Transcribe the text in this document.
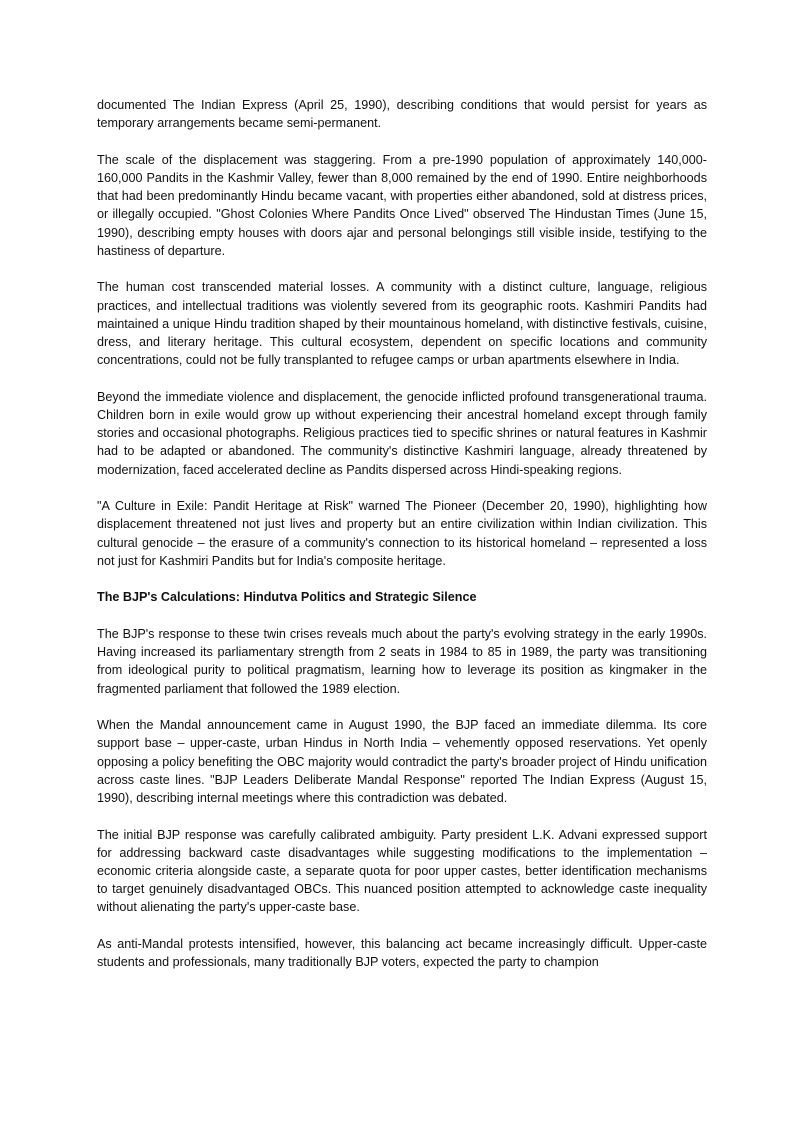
documented The Indian Express (April 25, 1990), describing conditions that would persist for years as temporary arrangements became semi-permanent.

The scale of the displacement was staggering. From a pre-1990 population of approximately 140,000-160,000 Pandits in the Kashmir Valley, fewer than 8,000 remained by the end of 1990. Entire neighborhoods that had been predominantly Hindu became vacant, with properties either abandoned, sold at distress prices, or illegally occupied. "Ghost Colonies Where Pandits Once Lived" observed The Hindustan Times (June 15, 1990), describing empty houses with doors ajar and personal belongings still visible inside, testifying to the hastiness of departure.

The human cost transcended material losses. A community with a distinct culture, language, religious practices, and intellectual traditions was violently severed from its geographic roots. Kashmiri Pandits had maintained a unique Hindu tradition shaped by their mountainous homeland, with distinctive festivals, cuisine, dress, and literary heritage. This cultural ecosystem, dependent on specific locations and community concentrations, could not be fully transplanted to refugee camps or urban apartments elsewhere in India.

Beyond the immediate violence and displacement, the genocide inflicted profound transgenerational trauma. Children born in exile would grow up without experiencing their ancestral homeland except through family stories and occasional photographs. Religious practices tied to specific shrines or natural features in Kashmir had to be adapted or abandoned. The community's distinctive Kashmiri language, already threatened by modernization, faced accelerated decline as Pandits dispersed across Hindi-speaking regions.

"A Culture in Exile: Pandit Heritage at Risk" warned The Pioneer (December 20, 1990), highlighting how displacement threatened not just lives and property but an entire civilization within Indian civilization. This cultural genocide – the erasure of a community's connection to its historical homeland – represented a loss not just for Kashmiri Pandits but for India's composite heritage.

The BJP's Calculations: Hindutva Politics and Strategic Silence

The BJP's response to these twin crises reveals much about the party's evolving strategy in the early 1990s. Having increased its parliamentary strength from 2 seats in 1984 to 85 in 1989, the party was transitioning from ideological purity to political pragmatism, learning how to leverage its position as kingmaker in the fragmented parliament that followed the 1989 election.

When the Mandal announcement came in August 1990, the BJP faced an immediate dilemma. Its core support base – upper-caste, urban Hindus in North India – vehemently opposed reservations. Yet openly opposing a policy benefiting the OBC majority would contradict the party's broader project of Hindu unification across caste lines. "BJP Leaders Deliberate Mandal Response" reported The Indian Express (August 15, 1990), describing internal meetings where this contradiction was debated.

The initial BJP response was carefully calibrated ambiguity. Party president L.K. Advani expressed support for addressing backward caste disadvantages while suggesting modifications to the implementation – economic criteria alongside caste, a separate quota for poor upper castes, better identification mechanisms to target genuinely disadvantaged OBCs. This nuanced position attempted to acknowledge caste inequality without alienating the party's upper-caste base.

As anti-Mandal protests intensified, however, this balancing act became increasingly difficult. Upper-caste students and professionals, many traditionally BJP voters, expected the party to champion
